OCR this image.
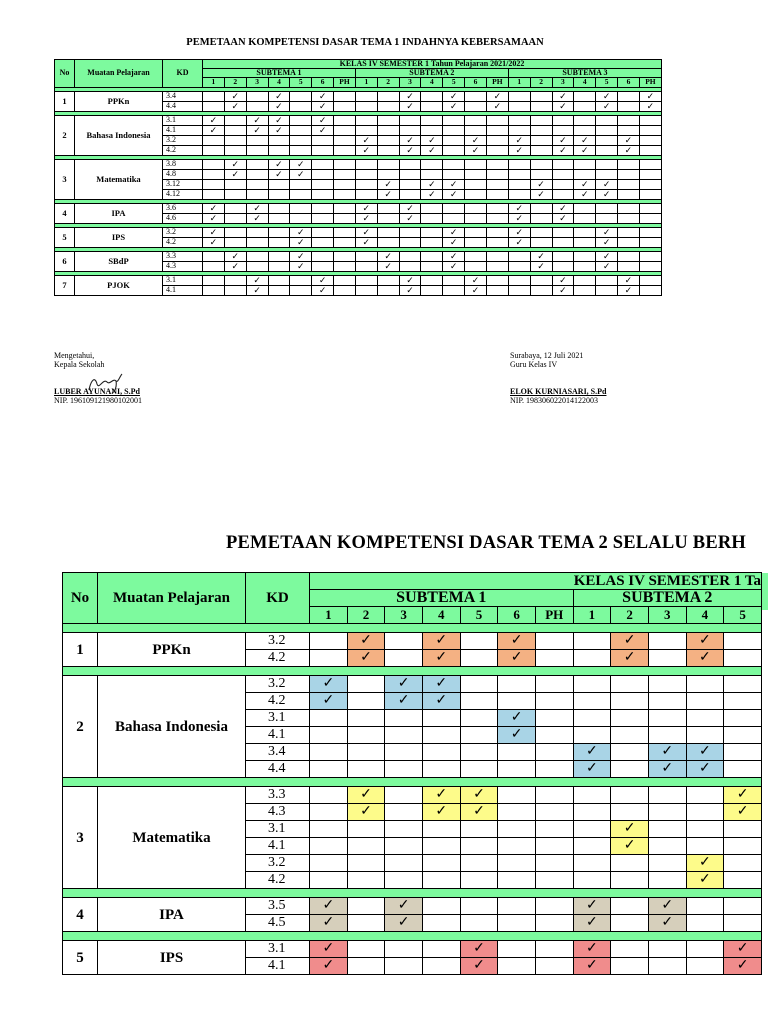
PEMETAAN KOMPETENSI DASAR TEMA 1 INDAHNYA KEBERSAMAAN
No	Muatan Pelajaran	KD	KELAS IV SEMESTER 1 Tahun Pelajaran 2021/2022																				
			SUBTEMA 1							SUBTEMA 2							SUBTEMA 3						
			1	2	3	4	5	6	PH	1	2	3	4	5	6	PH	1	2	3	4	5	6	PH

1	PPKn	3.4		✓		✓		✓				✓		✓		✓			✓		✓		✓
		4.4		✓		✓		✓				✓		✓		✓			✓		✓		✓

2	Bahasa Indonesia	3.1	✓		✓	✓		✓															
		4.1	✓		✓	✓		✓															
		3.2								✓		✓	✓		✓		✓		✓	✓		✓	
		4.2								✓		✓	✓		✓		✓		✓	✓		✓	

3	Matematika	3.8		✓		✓	✓																
		4.8		✓		✓	✓																
		3.12									✓		✓	✓				✓		✓	✓		
		4.12									✓		✓	✓				✓		✓	✓		

4	IPA	3.6	✓		✓					✓		✓					✓		✓				
		4.6	✓		✓					✓		✓					✓		✓				

5	IPS	3.2	✓				✓			✓				✓			✓				✓		
		4.2	✓				✓			✓				✓			✓				✓		

6	SBdP	3.3		✓			✓				✓			✓				✓			✓		
		4.3		✓			✓				✓			✓				✓			✓		

7	PJOK	3.1			✓			✓				✓			✓				✓			✓	
		4.1			✓			✓				✓			✓				✓			✓	
Mengetahui,
Kepala Sekolah
LUBER AYUNANI, S.Pd
NIP. 196109121980102001
Surabaya, 12 Juli 2021
Guru Kelas IV
ELOK KURNIASARI, S.Pd
NIP. 198306022014122003
PEMETAAN KOMPETENSI DASAR TEMA 2 SELALU BERH
No	Muatan Pelajaran	KD	KELAS IV SEMESTER 1 Ta											
			SUBTEMA 1							SUBTEMA 2				
			1	2	3	4	5	6	PH	1	2	3	4	5

1	PPKn	3.2		✓		✓		✓			✓		✓	
		4.2		✓		✓		✓			✓		✓	

2	Bahasa Indonesia	3.2	✓		✓	✓								
		4.2	✓		✓	✓								
		3.1						✓						
		4.1						✓						
		3.4								✓		✓	✓	
		4.4								✓		✓	✓	

3	Matematika	3.3		✓		✓	✓							✓
		4.3		✓		✓	✓							✓
		3.1									✓			
		4.1									✓			
		3.2											✓	
		4.2											✓	

4	IPA	3.5	✓		✓					✓		✓		
		4.5	✓		✓					✓		✓		

5	IPS	3.1	✓				✓			✓				✓
		4.1	✓				✓			✓				✓
